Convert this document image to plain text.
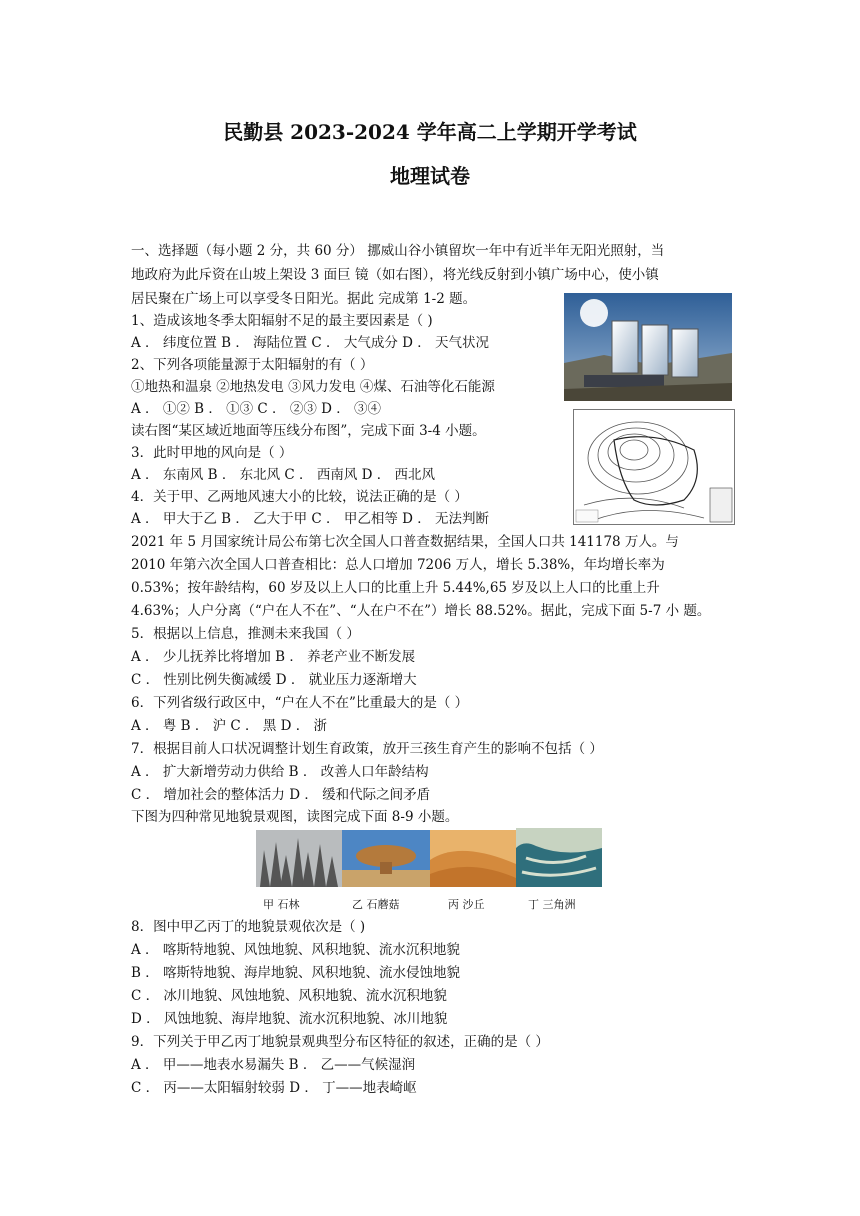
民勤县 2023-2024 学年高二上学期开学考试
地理试卷
一、选择题（每小题 2 分，共 60 分） 挪威山谷小镇留坎一年中有近半年无阳光照射，当
地政府为此斥资在山坡上架设 3 面巨 镜（如右图），将光线反射到小镇广场中心，使小镇
居民聚在广场上可以享受冬日阳光。据此 完成第 1-2 题。
1、造成该地冬季太阳辐射不足的最主要因素是（ )
A ． 纬度位置 B ． 海陆位置 C ． 大气成分 D ． 天气状况
2、下列各项能量源于太阳辐射的有（ ）
①地热和温泉 ②地热发电 ③风力发电 ④煤、石油等化石能源
A ． ①② B ． ①③ C ． ②③ D ． ③④
读右图“某区域近地面等压线分布图”，完成下面 3-4 小题。
3．此时甲地的风向是（ ）
A ． 东南风 B ． 东北风 C ． 西南风 D ． 西北风
4．关于甲、乙两地风速大小的比较，说法正确的是（ ）
A ． 甲大于乙 B ． 乙大于甲 C ． 甲乙相等 D ． 无法判断
2021 年 5 月国家统计局公布第七次全国人口普查数据结果，全国人口共 141178 万人。与
2010 年第六次全国人口普查相比：总人口增加 7206 万人，增长 5.38%，年均增长率为
0.53%；按年龄结构，60 岁及以上人口的比重上升 5.44%,65 岁及以上人口的比重上升
4.63%；人户分离（“户在人不在”、“人在户不在”）增长 88.52%。据此，完成下面 5-7 小 题。
5．根据以上信息，推测未来我国（ ）
A ． 少儿抚养比将增加 B ． 养老产业不断发展
C ． 性别比例失衡减缓 D ． 就业压力逐渐增大
6．下列省级行政区中，“户在人不在”比重最大的是（ ）
A ． 粤 B ． 沪 C ． 黑 D ． 浙
7．根据目前人口状况调整计划生育政策，放开三孩生育产生的影响不包括（ ）
A ． 扩大新增劳动力供给 B ． 改善人口年龄结构
C ． 增加社会的整体活力 D ． 缓和代际之间矛盾
下图为四种常见地貌景观图，读图完成下面 8-9 小题。
8．图中甲乙丙丁的地貌景观依次是（ )
A ． 喀斯特地貌、风蚀地貌、风积地貌、流水沉积地貌
B ． 喀斯特地貌、海岸地貌、风积地貌、流水侵蚀地貌
C ． 冰川地貌、风蚀地貌、风积地貌、流水沉积地貌
D ． 风蚀地貌、海岸地貌、流水沉积地貌、冰川地貌
9．下列关于甲乙丙丁地貌景观典型分布区特征的叙述，正确的是（ ）
A ． 甲——地表水易漏失 B ． 乙——气候湿润
C ． 丙——太阳辐射较弱 D ． 丁——地表崎岖
甲 石林	乙 石蘑菇	丙 沙丘	丁 三角洲
